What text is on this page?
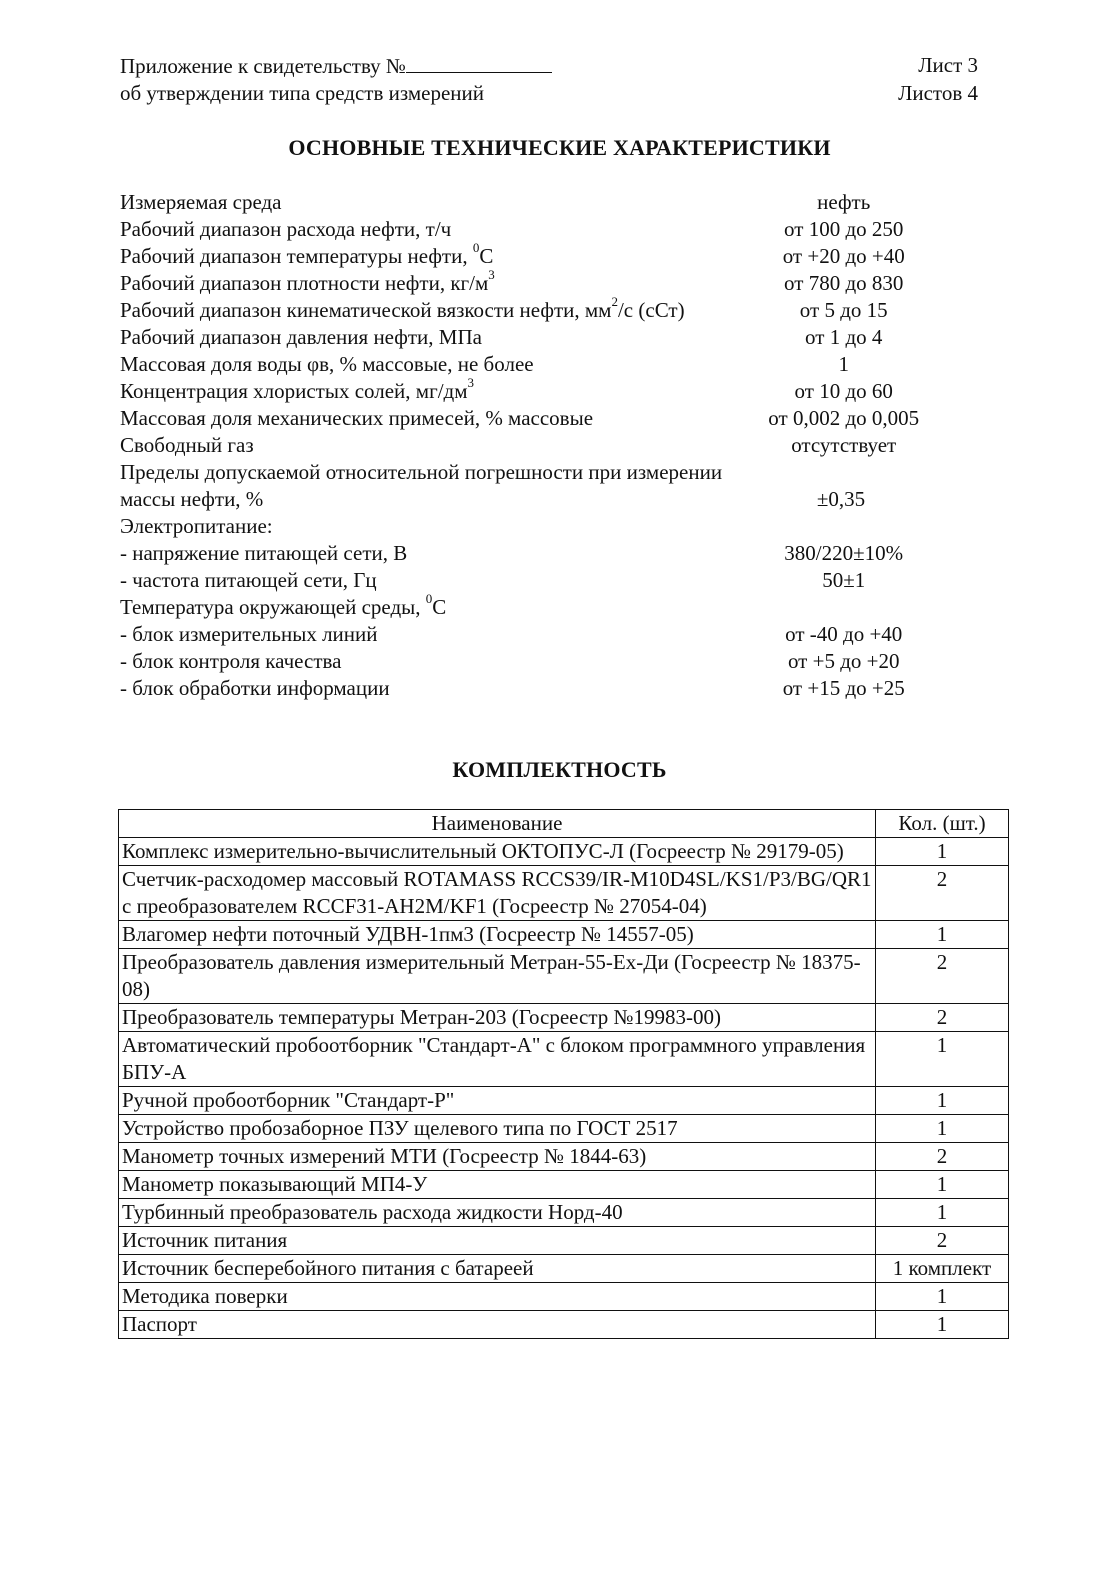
Приложение к свидетельству №	Лист 3
об утверждении типа средств измерений	Листов 4
ОСНОВНЫЕ ТЕХНИЧЕСКИЕ ХАРАКТЕРИСТИКИ
Измеряемая среда	нефть
Рабочий диапазон расхода нефти, т/ч	от 100 до 250
Рабочий диапазон температуры нефти, $^0$С	от +20 до +40
Рабочий диапазон плотности нефти, $кг/м^3$	от 780 до 830
Рабочий диапазон кинематической вязкости нефти, $мм^2/с$ (сСт)	от 5 до 15
Рабочий диапазон давления нефти, МПа	от 1 до 4
Массовая доля воды φв, % массовые, не более	1
Концентрация хлористых солей, $мг/дм^3$	от 10 до 60
Массовая доля механических примесей, % массовые	от 0,002 до 0,005
Свободный газ	отсутствует
Пределы допускаемой относительной погрешности при измерении массы нефти, %	±0,35
Электропитание:
- напряжение питающей сети, В	380/220±10%
- частота питающей сети, Гц	50±1
Температура окружающей среды, $^0$С
- блок измерительных линий	от -40 до +40
- блок контроля качества	от +5 до +20
- блок обработки информации	от +15 до +25
КОМПЛЕКТНОСТЬ
Наименование	Кол. (шт.)
Комплекс измерительно-вычислительный ОКТОПУС-Л (Госреестр № 29179-05)	1
Счетчик-расходомер массовый ROTAMASS RCCS39/IR-M10D4SL/KS1/P3/BG/QR1 с преобразователем RCCF31-AH2M/KF1 (Госреестр № 27054-04)	2
Влагомер нефти поточный УДВН-1пм3 (Госреестр № 14557-05)	1
Преобразователь давления измерительный Метран-55-Ех-Ди (Госреестр № 18375-08)	2
Преобразователь температуры Метран-203 (Госреестр №19983-00)	2
Автоматический пробоотборник "Стандарт-А" с блоком программного управления БПУ-А	1
Ручной пробоотборник "Стандарт-Р"	1
Устройство пробозаборное ПЗУ щелевого типа по ГОСТ 2517	1
Манометр точных измерений МТИ (Госреестр № 1844-63)	2
Манометр показывающий МП4-У	1
Турбинный преобразователь расхода жидкости Норд-40	1
Источник питания	2
Источник бесперебойного питания с батареей	1 комплект
Методика поверки	1
Паспорт	1
